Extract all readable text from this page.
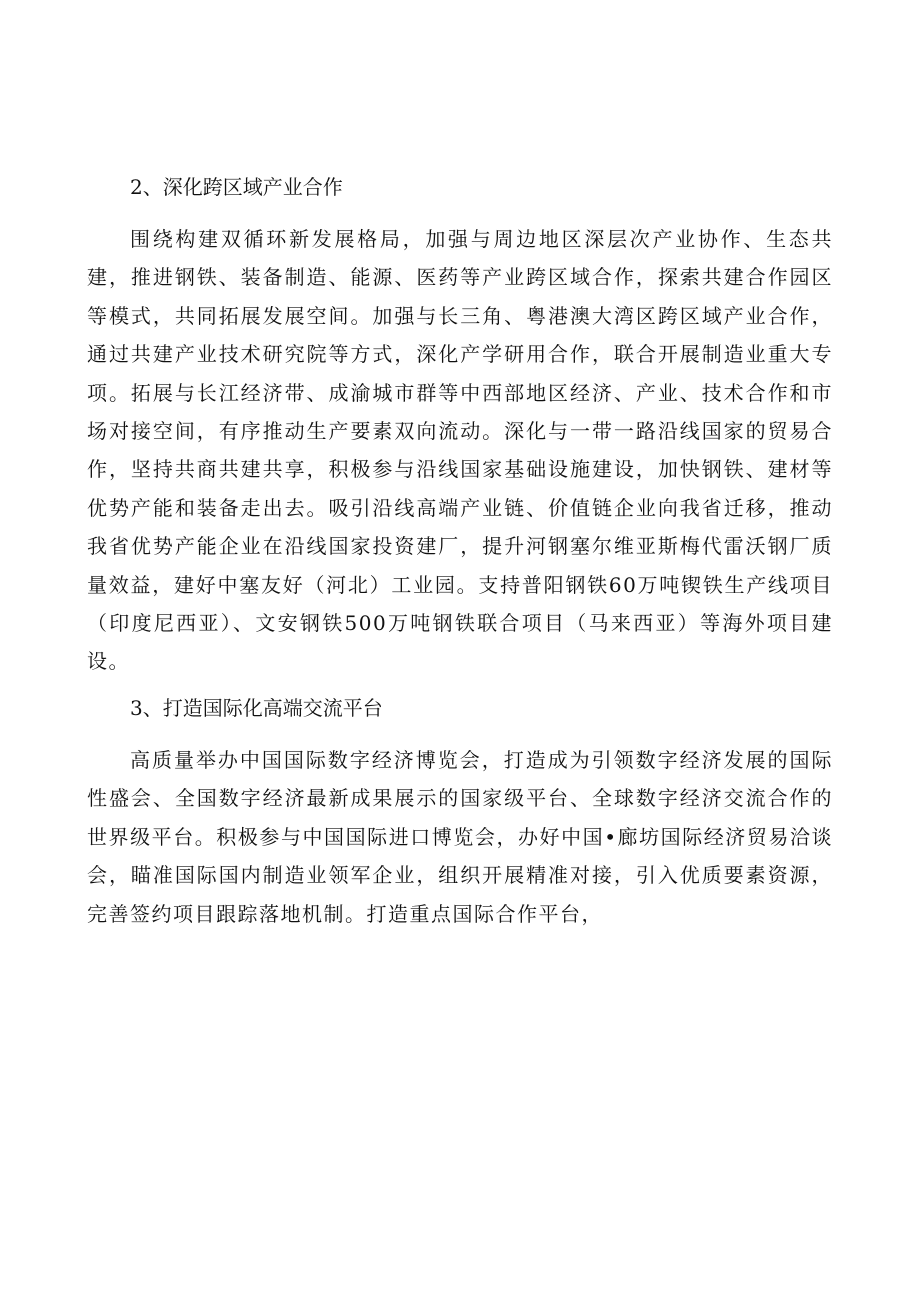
2、深化跨区域产业合作

围绕构建双循环新发展格局，加强与周边地区深层次产业协作、生态共建，推进钢铁、装备制造、能源、医药等产业跨区域合作，探索共建合作园区等模式，共同拓展发展空间。加强与长三角、粤港澳大湾区跨区域产业合作，通过共建产业技术研究院等方式，深化产学研用合作，联合开展制造业重大专项。拓展与长江经济带、成渝城市群等中西部地区经济、产业、技术合作和市场对接空间，有序推动生产要素双向流动。深化与一带一路沿线国家的贸易合作，坚持共商共建共享，积极参与沿线国家基础设施建设，加快钢铁、建材等优势产能和装备走出去。吸引沿线高端产业链、价值链企业向我省迁移，推动我省优势产能企业在沿线国家投资建厂，提升河钢塞尔维亚斯梅代雷沃钢厂质量效益，建好中塞友好（河北）工业园。支持普阳钢铁60万吨锲铁生产线项目（印度尼西亚）、文安钢铁500万吨钢铁联合项目（马来西亚）等海外项目建设。

3、打造国际化高端交流平台

高质量举办中国国际数字经济博览会，打造成为引领数字经济发展的国际性盛会、全国数字经济最新成果展示的国家级平台、全球数字经济交流合作的世界级平台。积极参与中国国际进口博览会，办好中国•廊坊国际经济贸易洽谈会，瞄准国际国内制造业领军企业，组织开展精准对接，引入优质要素资源，完善签约项目跟踪落地机制。打造重点国际合作平台，
